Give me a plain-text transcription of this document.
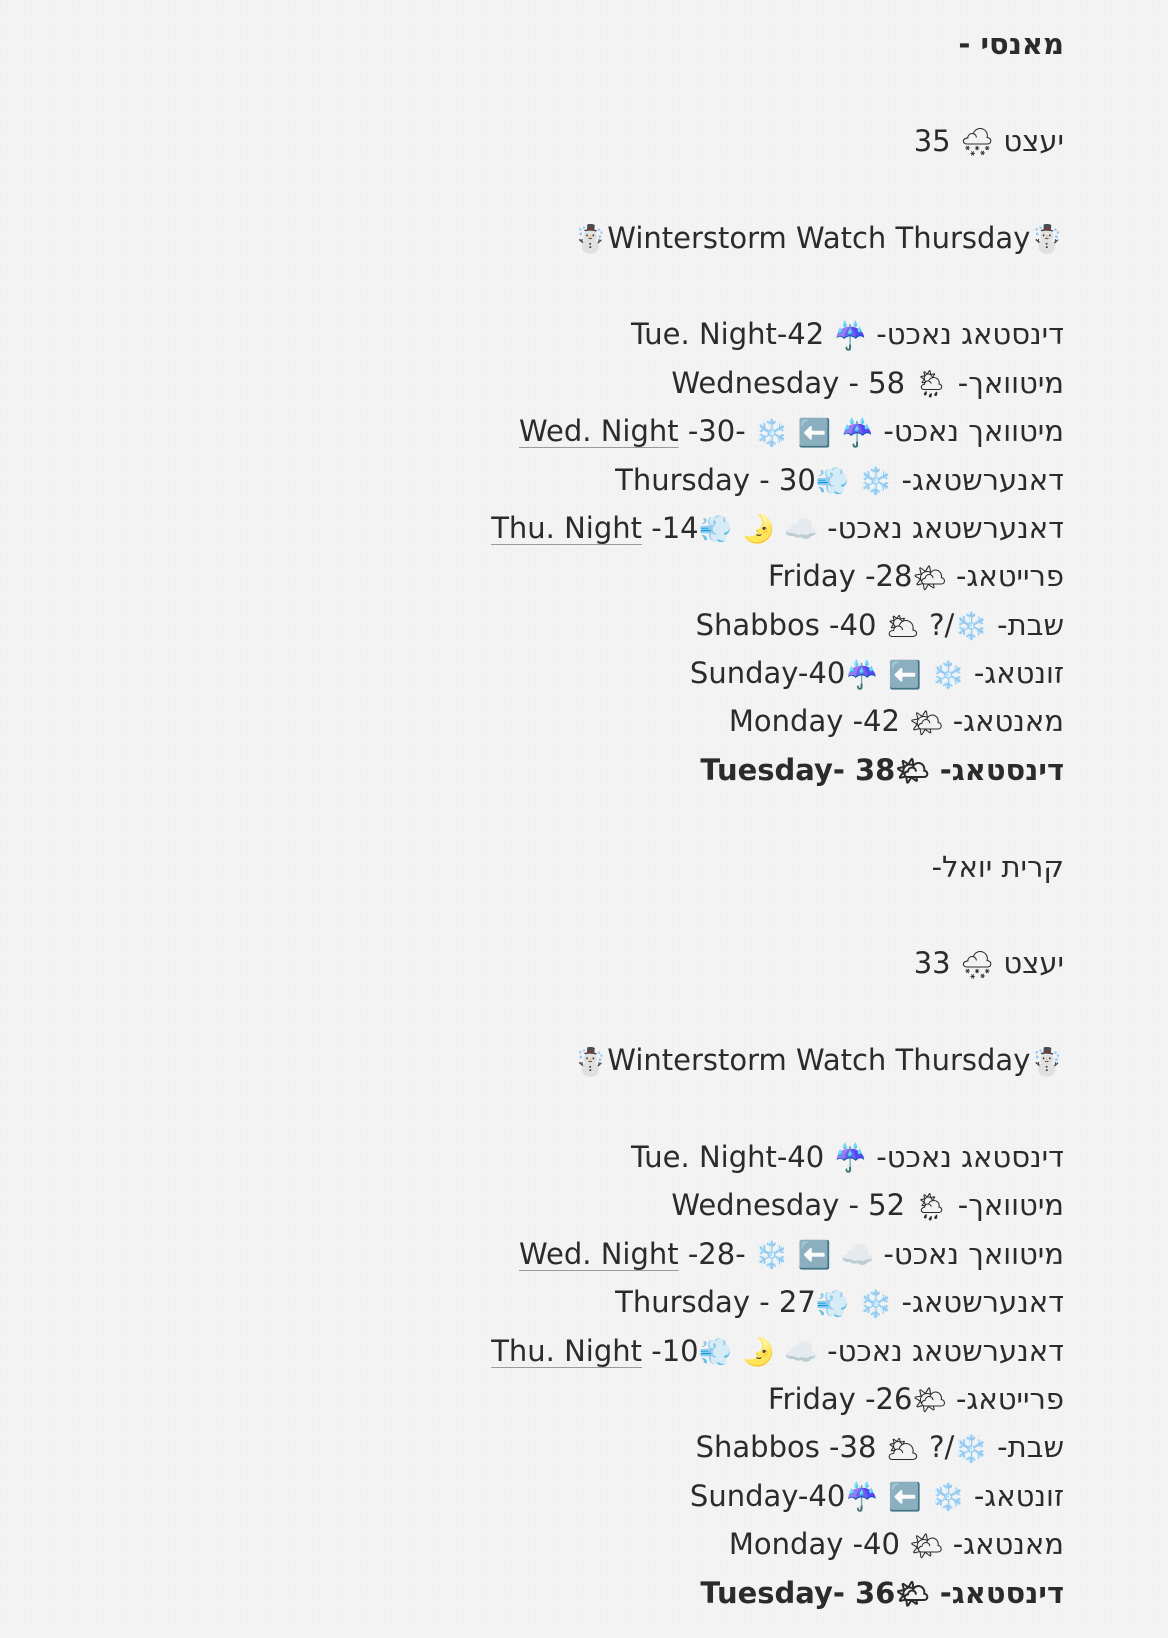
מאנסי -
יעצט 🌨 35
☃️Winterstorm Watch Thursday☃️
דינסטאג נאכט- ☔️ Tue. Night-42
מיטוואך- 🌦 Wednesday - 58
מיטוואך נאכט- ☔️ ⬅️ ❄️ Wed. Night -30-
דאנערשטאג- ❄️ 💨Thursday - 30
דאנערשטאג נאכט- ☁️ 🌛 💨Thu. Night -14
פרייטאג- 🌤Friday -28
שבת- ❄️?/ 🌥 Shabbos -40
זונטאג- ❄️ ⬅️ ☔️Sunday-40
מאנטאג- 🌤 Monday -42
דינסטאג- 🌤Tuesday- 38
קרית יואל-
יעצט 🌨 33
☃️Winterstorm Watch Thursday☃️
דינסטאג נאכט- ☔️ Tue. Night-40
מיטוואך- 🌦 Wednesday - 52
מיטוואך נאכט- ☁️ ⬅️ ❄️ Wed. Night -28-
דאנערשטאג- ❄️ 💨Thursday - 27
דאנערשטאג נאכט- ☁️ 🌛 💨Thu. Night -10
פרייטאג- 🌤Friday -26
שבת- ❄️?/ 🌥 Shabbos -38
זונטאג- ❄️ ⬅️ ☔️Sunday-40
מאנטאג- 🌤 Monday -40
דינסטאג- 🌤Tuesday- 36
